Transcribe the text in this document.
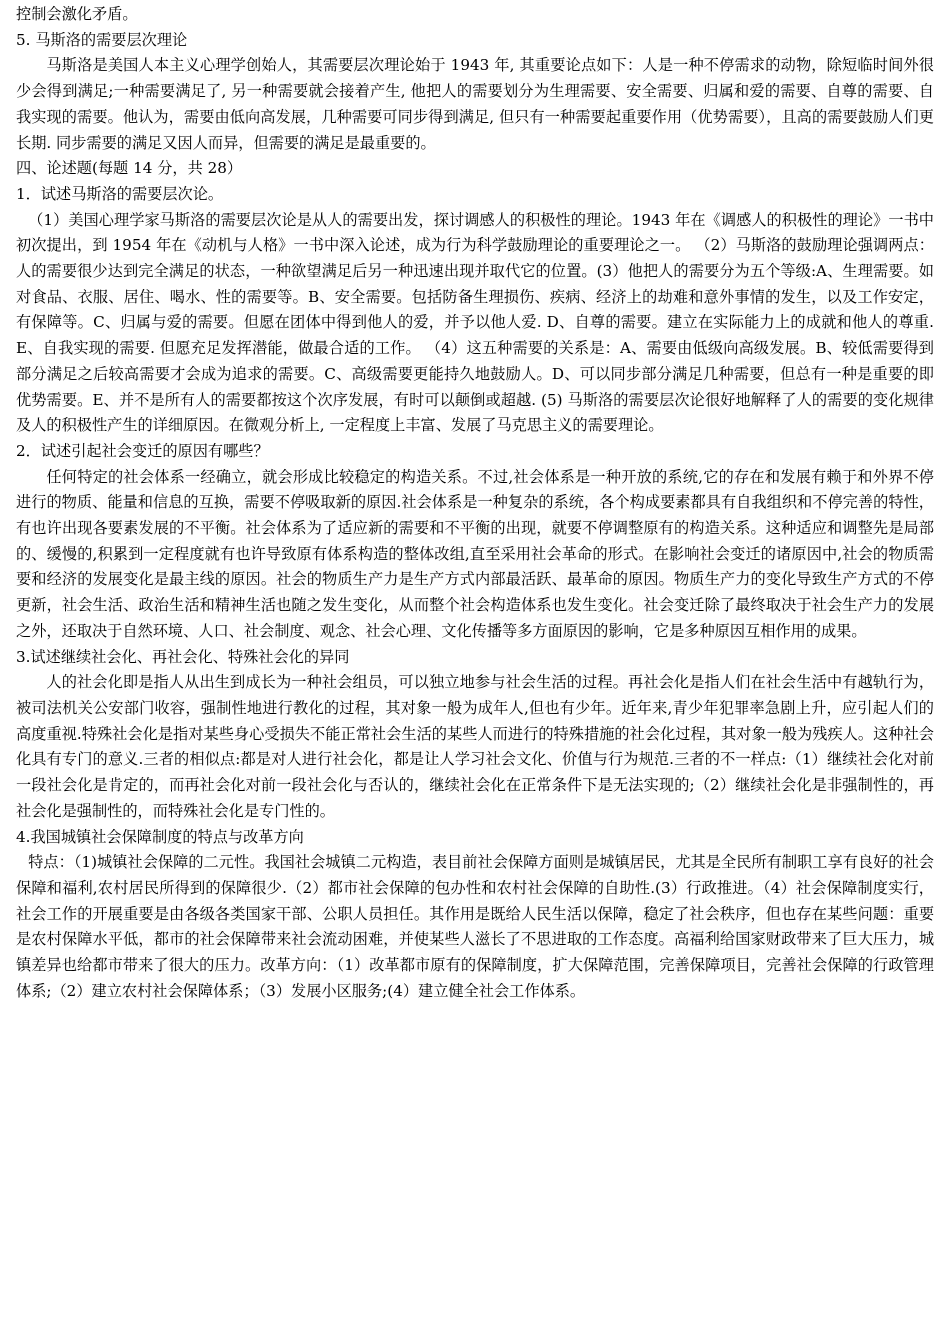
控制会激化矛盾。

5. 马斯洛的需要层次理论

马斯洛是美国人本主义心理学创始人，其需要层次理论始于 1943 年, 其重要论点如下：人是一种不停需求的动物，除短临时间外很少会得到满足;一种需要满足了, 另一种需要就会接着产生, 他把人的需要划分为生理需要、安全需要、归属和爱的需要、自尊的需要、自我实现的需要。他认为，需要由低向高发展，几种需要可同步得到满足, 但只有一种需要起重要作用（优势需要），且高的需要鼓励人们更长期. 同步需要的满足又因人而异，但需要的满足是最重要的。

四、论述题(每题 14 分，共 28）

1．试述马斯洛的需要层次论。

（1）美国心理学家马斯洛的需要层次论是从人的需要出发，探讨调感人的积极性的理论。1943 年在《调感人的积极性的理论》一书中初次提出，到 1954 年在《动机与人格》一书中深入论述，成为行为科学鼓励理论的重要理论之一。 （2）马斯洛的鼓励理论强调两点：人的需要很少达到完全满足的状态，一种欲望满足后另一种迅速出现并取代它的位置。(3）他把人的需要分为五个等级:A、生理需要。如对食品、衣服、居住、喝水、性的需要等。B、安全需要。包括防备生理损伤、疾病、经济上的劫难和意外事情的发生，以及工作安定，有保障等。C、归属与爱的需要。但愿在团体中得到他人的爱，并予以他人爱. D、自尊的需要。建立在实际能力上的成就和他人的尊重. E、自我实现的需要. 但愿充足发挥潜能，做最合适的工作。 （4）这五种需要的关系是：A、需要由低级向高级发展。B、较低需要得到部分满足之后较高需要才会成为追求的需要。C、高级需要更能持久地鼓励人。D、可以同步部分满足几种需要，但总有一种是重要的即优势需要。E、并不是所有人的需要都按这个次序发展，有时可以颠倒或超越. (5) 马斯洛的需要层次论很好地解释了人的需要的变化规律及人的积极性产生的详细原因。在微观分析上, 一定程度上丰富、发展了马克思主义的需要理论。

2．试述引起社会变迁的原因有哪些？

任何特定的社会体系一经确立，就会形成比较稳定的构造关系。不过,社会体系是一种开放的系统,它的存在和发展有赖于和外界不停进行的物质、能量和信息的互换，需要不停吸取新的原因.社会体系是一种复杂的系统，各个构成要素都具有自我组织和不停完善的特性，有也许出现各要素发展的不平衡。社会体系为了适应新的需要和不平衡的出现，就要不停调整原有的构造关系。这种适应和调整先是局部的、缓慢的,积累到一定程度就有也许导致原有体系构造的整体改组,直至采用社会革命的形式。在影响社会变迁的诸原因中,社会的物质需要和经济的发展变化是最主线的原因。社会的物质生产力是生产方式内部最活跃、最革命的原因。物质生产力的变化导致生产方式的不停更新，社会生活、政治生活和精神生活也随之发生变化，从而整个社会构造体系也发生变化。社会变迁除了最终取决于社会生产力的发展之外，还取决于自然环境、人口、社会制度、观念、社会心理、文化传播等多方面原因的影响，它是多种原因互相作用的成果。

3.试述继续社会化、再社会化、特殊社会化的异同

人的社会化即是指人从出生到成长为一种社会组员，可以独立地参与社会生活的过程。再社会化是指人们在社会生活中有越轨行为，被司法机关公安部门收容，强制性地进行教化的过程，其对象一般为成年人,但也有少年。近年来,青少年犯罪率急剧上升，应引起人们的高度重视.特殊社会化是指对某些身心受损失不能正常社会生活的某些人而进行的特殊措施的社会化过程，其对象一般为残疾人。这种社会化具有专门的意义.三者的相似点:都是对人进行社会化，都是让人学习社会文化、价值与行为规范.三者的不一样点:（1）继续社会化对前一段社会化是肯定的，而再社会化对前一段社会化与否认的，继续社会化在正常条件下是无法实现的;（2）继续社会化是非强制性的，再社会化是强制性的，而特殊社会化是专门性的。

4.我国城镇社会保障制度的特点与改革方向

特点：（1)城镇社会保障的二元性。我国社会城镇二元构造，表目前社会保障方面则是城镇居民，尤其是全民所有制职工享有良好的社会保障和福利,农村居民所得到的保障很少.（2）都市社会保障的包办性和农村社会保障的自助性.(3）行政推进。（4）社会保障制度实行，社会工作的开展重要是由各级各类国家干部、公职人员担任。其作用是既给人民生活以保障，稳定了社会秩序，但也存在某些问题：重要是农村保障水平低，都市的社会保障带来社会流动困难，并使某些人滋长了不思进取的工作态度。高福利给国家财政带来了巨大压力，城镇差异也给都市带来了很大的压力。改革方向：（1）改革都市原有的保障制度，扩大保障范围，完善保障项目，完善社会保障的行政管理体系;（2）建立农村社会保障体系；（3）发展小区服务;(4）建立健全社会工作体系。
